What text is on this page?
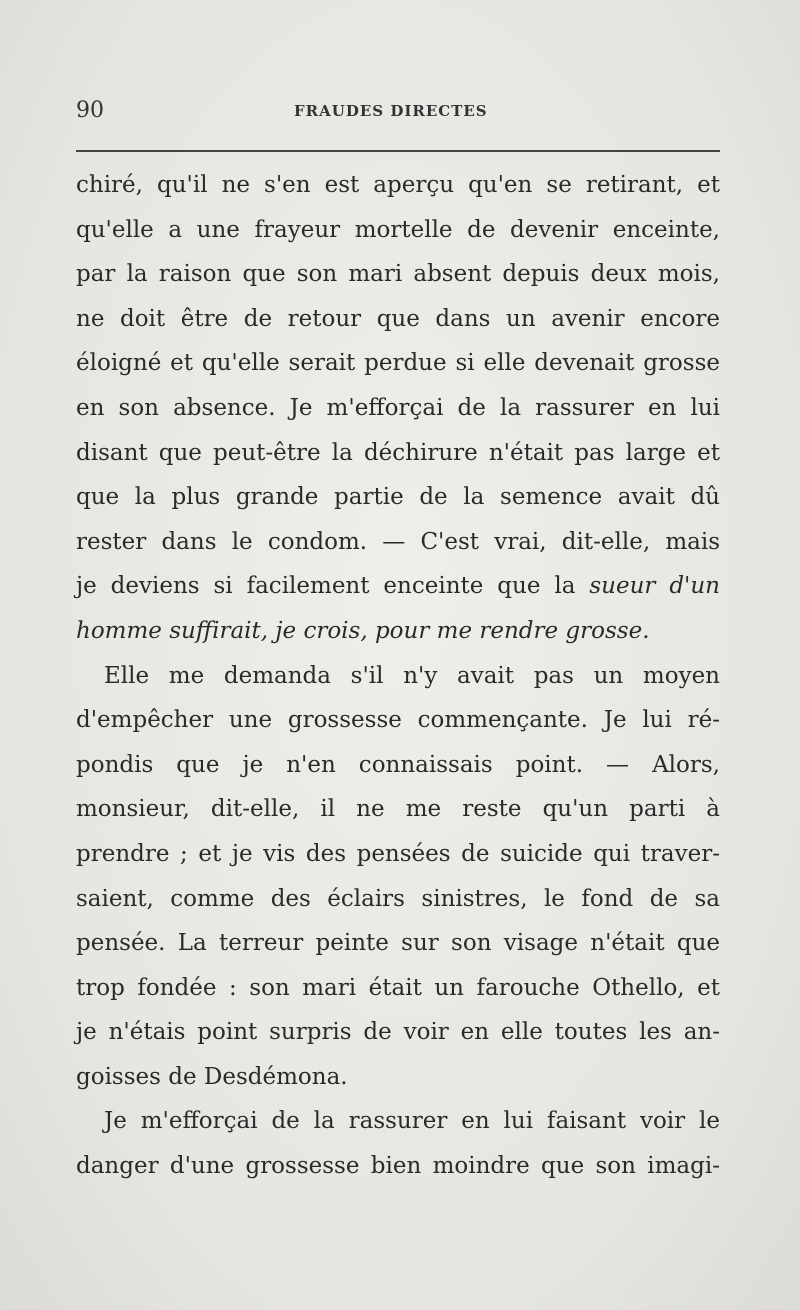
90	FRAUDES DIRECTES
chiré, qu'il ne s'en est aperçu qu'en se retirant, et
qu'elle a une frayeur mortelle de devenir enceinte,
par la raison que son mari absent depuis deux mois,
ne doit être de retour que dans un avenir encore
éloigné et qu'elle serait perdue si elle devenait grosse
en son absence. Je m'efforçai de la rassurer en lui
disant que peut-être la déchirure n'était pas large et
que la plus grande partie de la semence avait dû
rester dans le condom. — C'est vrai, dit-elle, mais
je deviens si facilement enceinte que la sueur d'un
homme suffirait, je crois, pour me rendre grosse.
Elle me demanda s'il n'y avait pas un moyen
d'empêcher une grossesse commençante. Je lui ré-
pondis que je n'en connaissais point. — Alors,
monsieur, dit-elle, il ne me reste qu'un parti à
prendre ; et je vis des pensées de suicide qui traver-
saient, comme des éclairs sinistres, le fond de sa
pensée. La terreur peinte sur son visage n'était que
trop fondée : son mari était un farouche Othello, et
je n'étais point surpris de voir en elle toutes les an-
goisses de Desdémona.
Je m'efforçai de la rassurer en lui faisant voir le
danger d'une grossesse bien moindre que son imagi-
